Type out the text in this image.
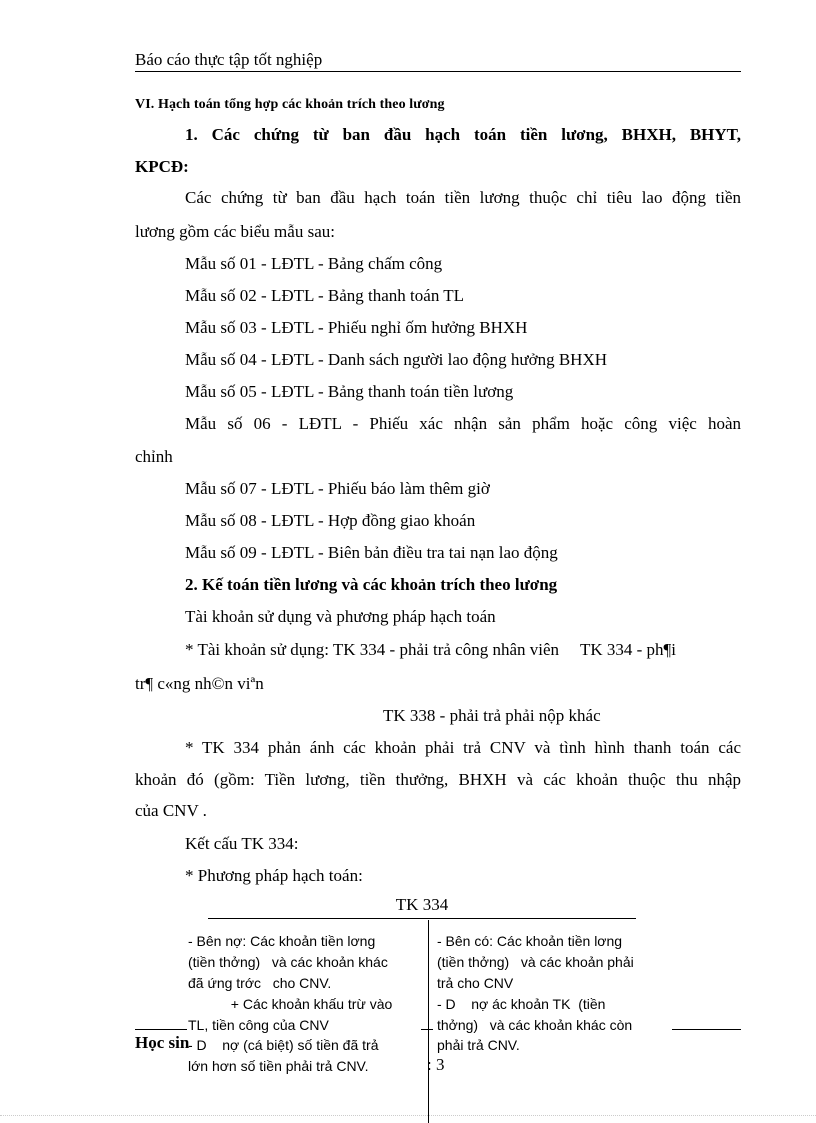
Báo cáo thực tập tốt nghiệp
VI. Hạch toán tổng hợp các khoản trích theo lương
1. Các chứng từ ban đầu hạch toán tiền lương, BHXH, BHYT,
KPCĐ:
Các chứng từ ban đầu hạch toán tiền lương thuộc chỉ tiêu lao động tiền
lương gồm các biểu mẫu sau:
Mẫu số 01 - LĐTL - Bảng chấm công
Mẫu số 02 - LĐTL - Bảng thanh toán TL
Mẫu số 03 - LĐTL - Phiếu nghỉ ốm hưởng BHXH
Mẫu số 04 - LĐTL - Danh sách người lao động hưởng BHXH
Mẫu số 05 - LĐTL - Bảng thanh toán tiền lương
Mẫu số 06 - LĐTL - Phiếu xác nhận sản phẩm hoặc công việc hoàn
chỉnh
Mẫu số 07 - LĐTL - Phiếu báo làm thêm giờ
Mẫu số 08 - LĐTL - Hợp đồng giao khoán
Mẫu số 09 - LĐTL - Biên bản điều tra tai nạn lao động
2. Kế toán tiền lương và các khoản trích theo lương
Tài khoản sử dụng và phương pháp hạch toán
* Tài khoản sử dụng: TK 334 - phải trả công nhân viên     TK 334 - ph¶i
tr¶ c«ng nh©n viªn
TK 338 - phải trả phải nộp khác
* TK 334 phản ánh các khoản phải trả CNV và tình hình thanh toán các
khoản đó (gồm: Tiền lương, tiền thưởng, BHXH và các khoản thuộc thu nhập
của CNV .
Kết cấu TK 334:
* Phương pháp hạch toán:
TK 334
- Bên nợ: Các khoản tiền lơng
(tiền thởng)   và các khoản khác
đã ứng trớc   cho CNV.
+ Các khoản khấu trừ vào
TL, tiền công của CNV
- D    nợ (cá biệt) số tiền đã trả
lớn hơn số tiền phải trả CNV.
- Bên có: Các khoản tiền lơng
(tiền thởng)   và các khoản phải
trả cho CNV
- D    nợ ác khoản TK  (tiền
thởng)   và các khoản khác còn
phải trả CNV.
Học sin
: 3
